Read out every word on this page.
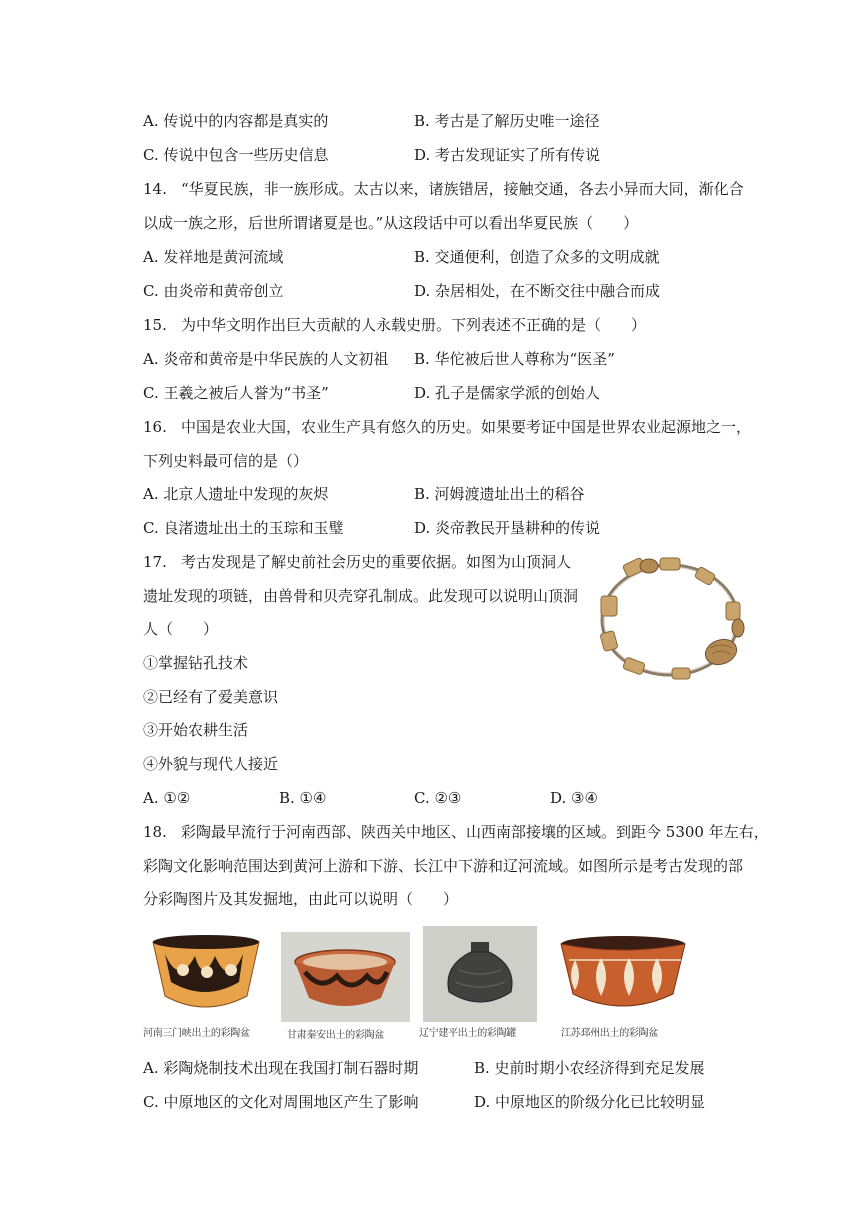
A. 传说中的内容都是真实的	B. 考古是了解历史唯一途径
C. 传说中包含一些历史信息	D. 考古发现证实了所有传说
14. “华夏民族，非一族形成。太古以来，诸族错居，接触交通，各去小异而大同，渐化合
以成一族之形，后世所谓诸夏是也。”从这段话中可以看出华夏民族（　　）
A. 发祥地是黄河流域	B. 交通便利，创造了众多的文明成就
C. 由炎帝和黄帝创立	D. 杂居相处，在不断交往中融合而成
15. 为中华文明作出巨大贡献的人永载史册。下列表述不正确的是（　　）
A. 炎帝和黄帝是中华民族的人文初祖 B. 华佗被后世人尊称为“医圣”
C. 王羲之被后人誉为“书圣”	D. 孔子是儒家学派的创始人
16. 中国是农业大国，农业生产具有悠久的历史。如果要考证中国是世界农业起源地之一，
下列史料最可信的是（）
A. 北京人遗址中发现的灰烬	B. 河姆渡遗址出土的稻谷
C. 良渚遗址出土的玉琮和玉璧	D. 炎帝教民开垦耕种的传说
17. 考古发现是了解史前社会历史的重要依据。如图为山顶洞人
遗址发现的项链，由兽骨和贝壳穿孔制成。此发现可以说明山顶洞
人（　　）
①掌握钻孔技术
②已经有了爱美意识
③开始农耕生活
④外貌与现代人接近
A. ①②	B. ①④	C. ②③	D. ③④
18. 彩陶最早流行于河南西部、陕西关中地区、山西南部接壤的区域。到距今 5300 年左右，
彩陶文化影响范围达到黄河上游和下游、长江中下游和辽河流域。如图所示是考古发现的部
分彩陶图片及其发掘地，由此可以说明（　　）
河南三门峡出土的彩陶盆	甘肃秦安出土的彩陶盆	辽宁建平出土的彩陶罐	江苏邳州出土的彩陶盆
A. 彩陶烧制技术出现在我国打制石器时期	B. 史前时期小农经济得到充足发展
C. 中原地区的文化对周围地区产生了影响	D. 中原地区的阶级分化已比较明显
